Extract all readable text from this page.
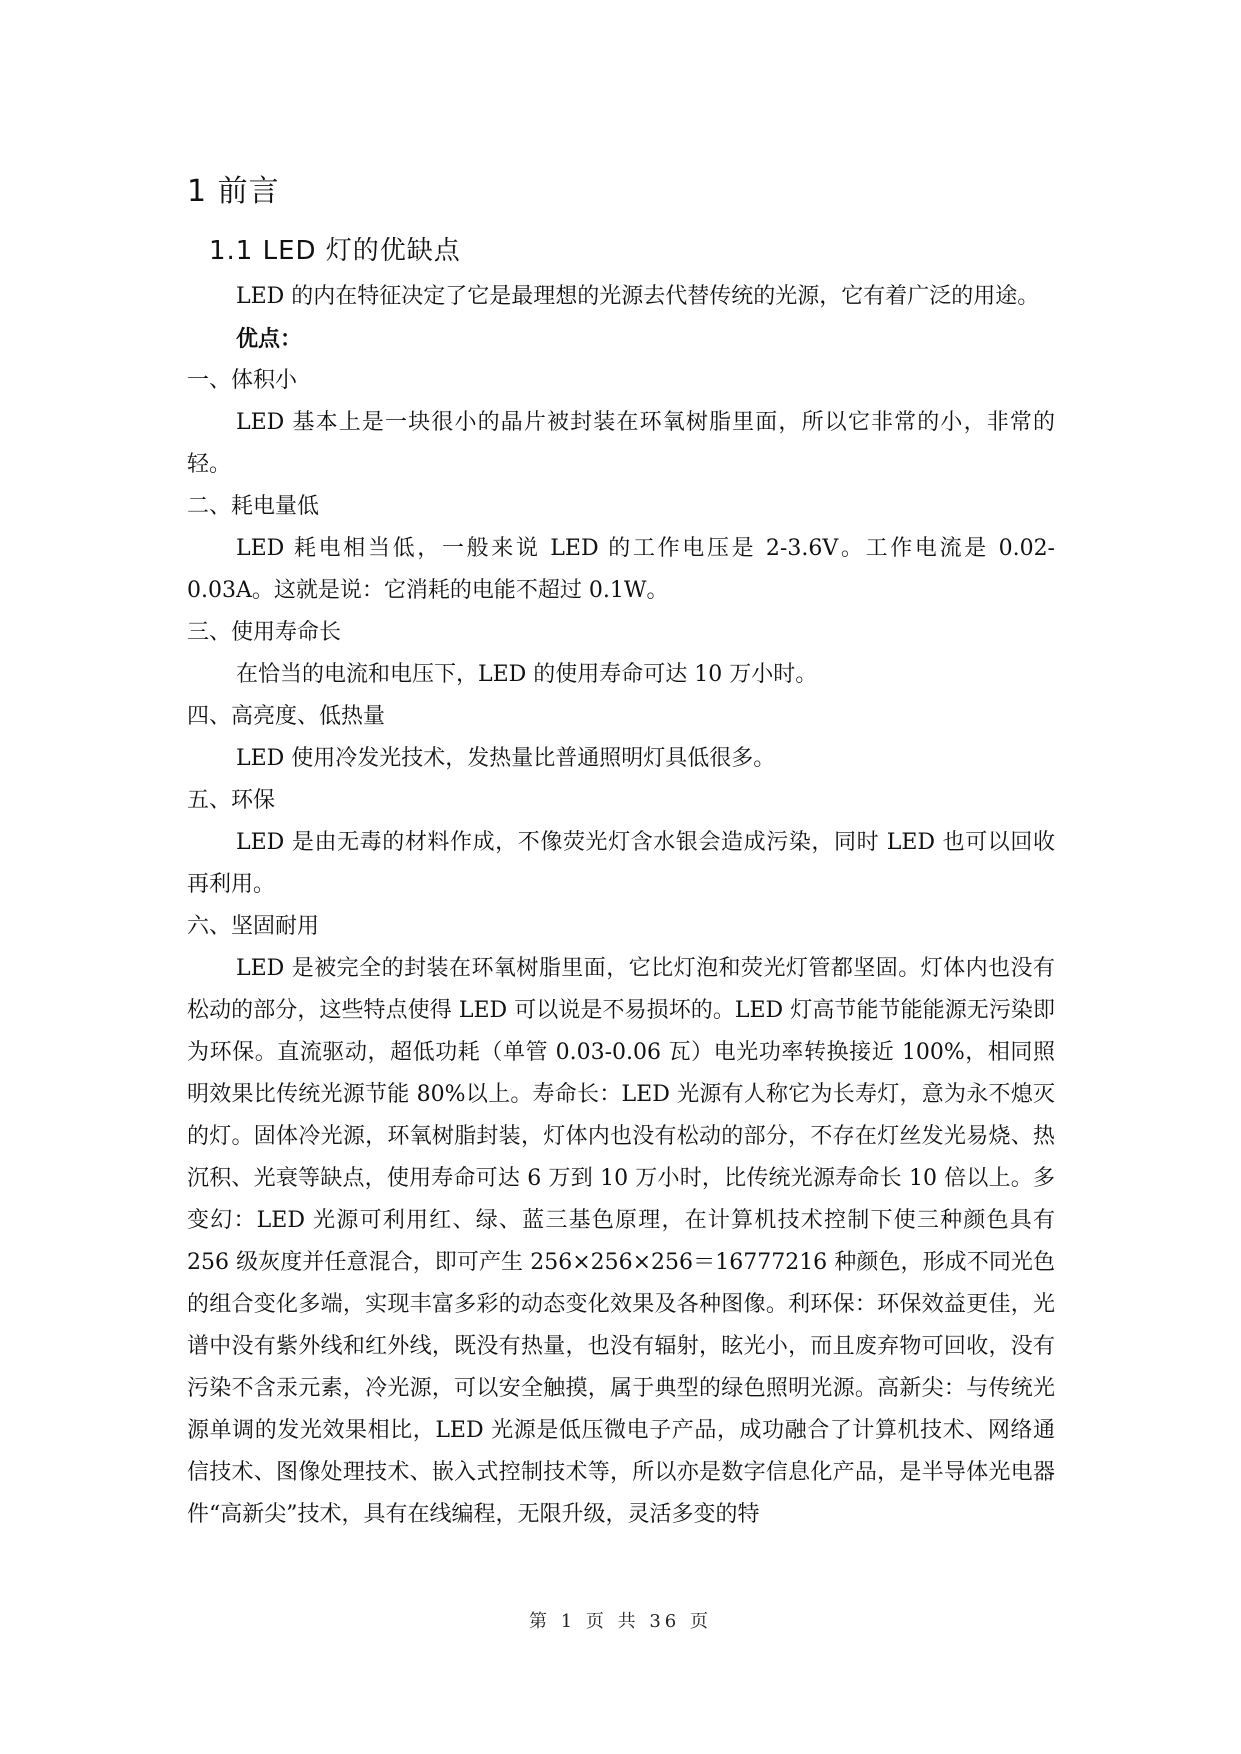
1 前言
1.1 LED 灯的优缺点

LED 的内在特征决定了它是最理想的光源去代替传统的光源，它有着广泛的用途。

优点：

一、体积小

LED 基本上是一块很小的晶片被封装在环氧树脂里面，所以它非常的小，非常的轻。

二、耗电量低

LED 耗电相当低，一般来说 LED 的工作电压是 2-3.6V。工作电流是 0.02-0.03A。这就是说：它消耗的电能不超过 0.1W。

三、使用寿命长

在恰当的电流和电压下，LED 的使用寿命可达 10 万小时。

四、高亮度、低热量

LED 使用冷发光技术，发热量比普通照明灯具低很多。

五、环保

LED 是由无毒的材料作成，不像荧光灯含水银会造成污染，同时 LED 也可以回收再利用。

六、坚固耐用

LED 是被完全的封装在环氧树脂里面，它比灯泡和荧光灯管都坚固。灯体内也没有松动的部分，这些特点使得 LED 可以说是不易损坏的。LED 灯高节能节能能源无污染即为环保。直流驱动，超低功耗（单管 0.03-0.06 瓦）电光功率转换接近 100%，相同照明效果比传统光源节能 80%以上。寿命长：LED 光源有人称它为长寿灯，意为永不熄灭的灯。固体冷光源，环氧树脂封装，灯体内也没有松动的部分，不存在灯丝发光易烧、热沉积、光衰等缺点，使用寿命可达 6 万到 10 万小时，比传统光源寿命长 10 倍以上。多变幻：LED 光源可利用红、绿、蓝三基色原理，在计算机技术控制下使三种颜色具有 256 级灰度并任意混合，即可产生 256×256×256＝16777216 种颜色，形成不同光色的组合变化多端，实现丰富多彩的动态变化效果及各种图像。利环保：环保效益更佳，光谱中没有紫外线和红外线，既没有热量，也没有辐射，眩光小，而且废弃物可回收，没有污染不含汞元素，冷光源，可以安全触摸，属于典型的绿色照明光源。高新尖：与传统光源单调的发光效果相比，LED 光源是低压微电子产品，成功融合了计算机技术、网络通信技术、图像处理技术、嵌入式控制技术等，所以亦是数字信息化产品，是半导体光电器件“高新尖”技术，具有在线编程，无限升级，灵活多变的特

第 1 页 共 36 页
